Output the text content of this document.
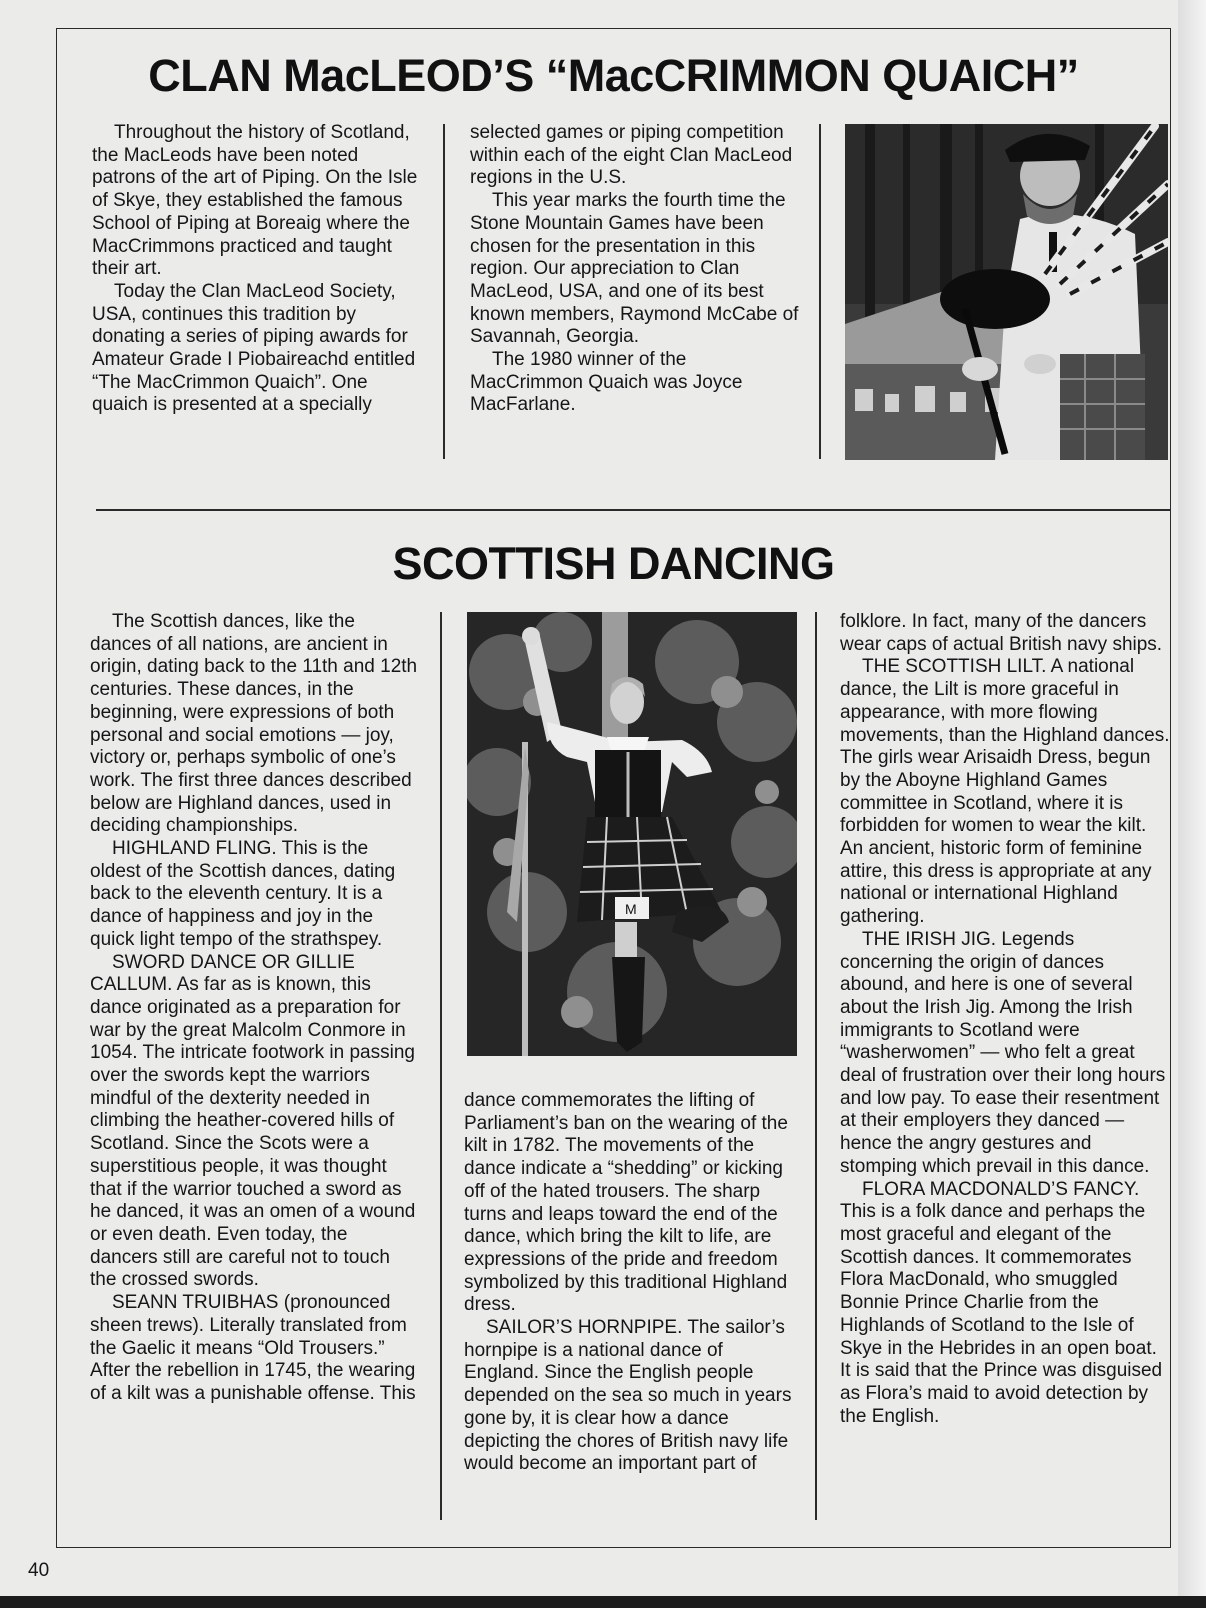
CLAN MacLEOD’S “MacCRIMMON QUAICH”

Throughout the history of Scotland, the MacLeods have been noted patrons of the art of Piping. On the Isle of Skye, they established the famous School of Piping at Boreaig where the MacCrimmons practiced and taught their art.

Today the Clan MacLeod Society, USA, continues this tradition by donating a series of piping awards for Amateur Grade I Piobaireachd entitled “The MacCrimmon Quaich”. One quaich is presented at a specially

selected games or piping competition within each of the eight Clan MacLeod regions in the U.S.

This year marks the fourth time the Stone Mountain Games have been chosen for the presentation in this region. Our appreciation to Clan MacLeod, USA, and one of its best known members, Raymond McCabe of Savannah, Georgia.

The 1980 winner of the MacCrimmon Quaich was Joyce MacFarlane.

SCOTTISH DANCING

The Scottish dances, like the dances of all nations, are ancient in origin, dating back to the 11th and 12th centuries. These dances, in the beginning, were expressions of both personal and social emotions — joy, victory or, perhaps symbolic of one’s work. The first three dances described below are Highland dances, used in deciding championships.

HIGHLAND FLING. This is the oldest of the Scottish dances, dating back to the eleventh century. It is a dance of happiness and joy in the quick light tempo of the strathspey.

SWORD DANCE OR GILLIE CALLUM. As far as is known, this dance originated as a preparation for war by the great Malcolm Conmore in 1054. The intricate footwork in passing over the swords kept the warriors mindful of the dexterity needed in climbing the heather-covered hills of Scotland. Since the Scots were a superstitious people, it was thought that if the warrior touched a sword as he danced, it was an omen of a wound or even death. Even today, the dancers still are careful not to touch the crossed swords.

SEANN TRUIBHAS (pronounced sheen trews). Literally translated from the Gaelic it means “Old Trousers.” After the rebellion in 1745, the wearing of a kilt was a punishable offense. This

M

dance commemorates the lifting of Parliament’s ban on the wearing of the kilt in 1782. The movements of the dance indicate a “shedding” or kicking off of the hated trousers. The sharp turns and leaps toward the end of the dance, which bring the kilt to life, are expressions of the pride and freedom symbolized by this traditional Highland dress.

SAILOR’S HORNPIPE. The sailor’s hornpipe is a national dance of England. Since the English people depended on the sea so much in years gone by, it is clear how a dance depicting the chores of British navy life would become an important part of

folklore. In fact, many of the dancers wear caps of actual British navy ships.

THE SCOTTISH LILT. A national dance, the Lilt is more graceful in appearance, with more flowing movements, than the Highland dances. The girls wear Arisaidh Dress, begun by the Aboyne Highland Games committee in Scotland, where it is forbidden for women to wear the kilt. An ancient, historic form of feminine attire, this dress is appropriate at any national or international Highland gathering.

THE IRISH JIG. Legends concerning the origin of dances abound, and here is one of several about the Irish Jig. Among the Irish immigrants to Scotland were “washerwomen” — who felt a great deal of frustration over their long hours and low pay. To ease their resentment at their employers they danced — hence the angry gestures and stomping which prevail in this dance.

FLORA MACDONALD’S FANCY. This is a folk dance and perhaps the most graceful and elegant of the Scottish dances. It commemorates Flora MacDonald, who smuggled Bonnie Prince Charlie from the Highlands of Scotland to the Isle of Skye in the Hebrides in an open boat. It is said that the Prince was disguised as Flora’s maid to avoid detection by the English.

40
